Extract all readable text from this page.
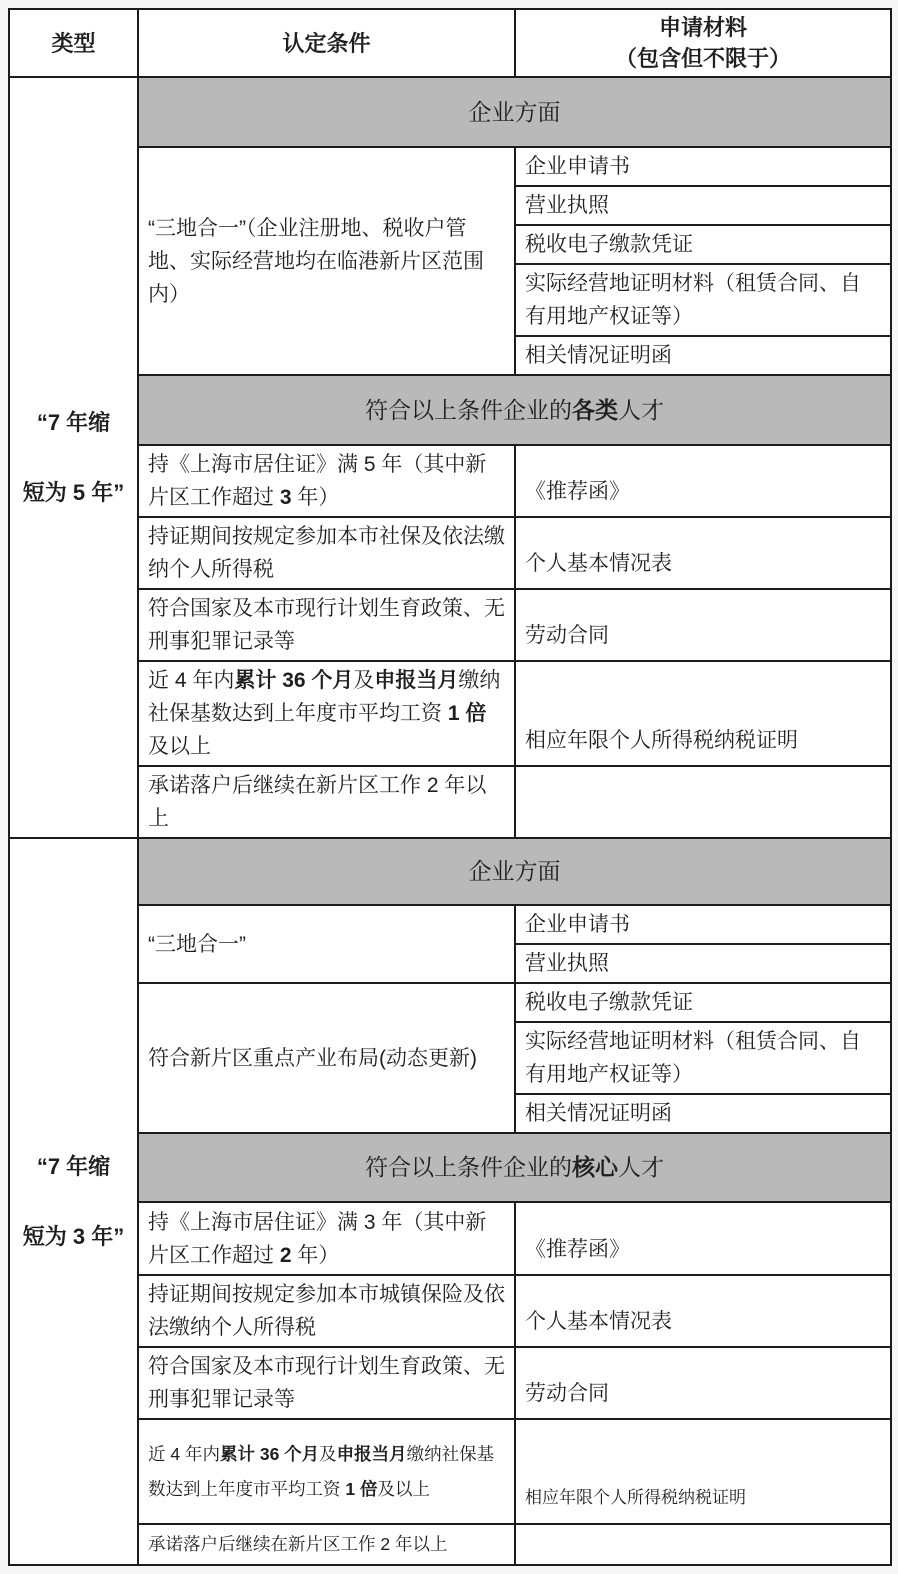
类型	认定条件	申请材料
（包含但不限于）

“7 年缩
短为 5 年”	企业方面	
	“三地合一”（企业注册地、税收户管地、实际经营地均在临港新片区范围内）	企业申请书
		营业执照
		税收电子缴款凭证
		实际经营地证明材料（租赁合同、自有用地产权证等）
		相关情况证明函
	符合以上条件企业的各类人才	
	持《上海市居住证》满 5 年（其中新片区工作超过 3 年）	《推荐函》
	持证期间按规定参加本市社保及依法缴纳个人所得税	个人基本情况表
	符合国家及本市现行计划生育政策、无刑事犯罪记录等	劳动合同
	近 4 年内累计 36 个月及申报当月缴纳社保基数达到上年度市平均工资 1 倍及以上	相应年限个人所得税纳税证明
	承诺落户后继续在新片区工作 2 年以上	

“7 年缩
短为 3 年”	企业方面	
	“三地合一”	企业申请书
		营业执照
	符合新片区重点产业布局(动态更新)	税收电子缴款凭证
		实际经营地证明材料（租赁合同、自有用地产权证等）
		相关情况证明函
	符合以上条件企业的核心人才	
	持《上海市居住证》满 3 年（其中新片区工作超过 2 年）	《推荐函》
	持证期间按规定参加本市城镇保险及依法缴纳个人所得税	个人基本情况表
	符合国家及本市现行计划生育政策、无刑事犯罪记录等	劳动合同
	近 4 年内累计 36 个月及申报当月缴纳社保基数达到上年度市平均工资 1 倍及以上	相应年限个人所得税纳税证明
	承诺落户后继续在新片区工作 2 年以上	
